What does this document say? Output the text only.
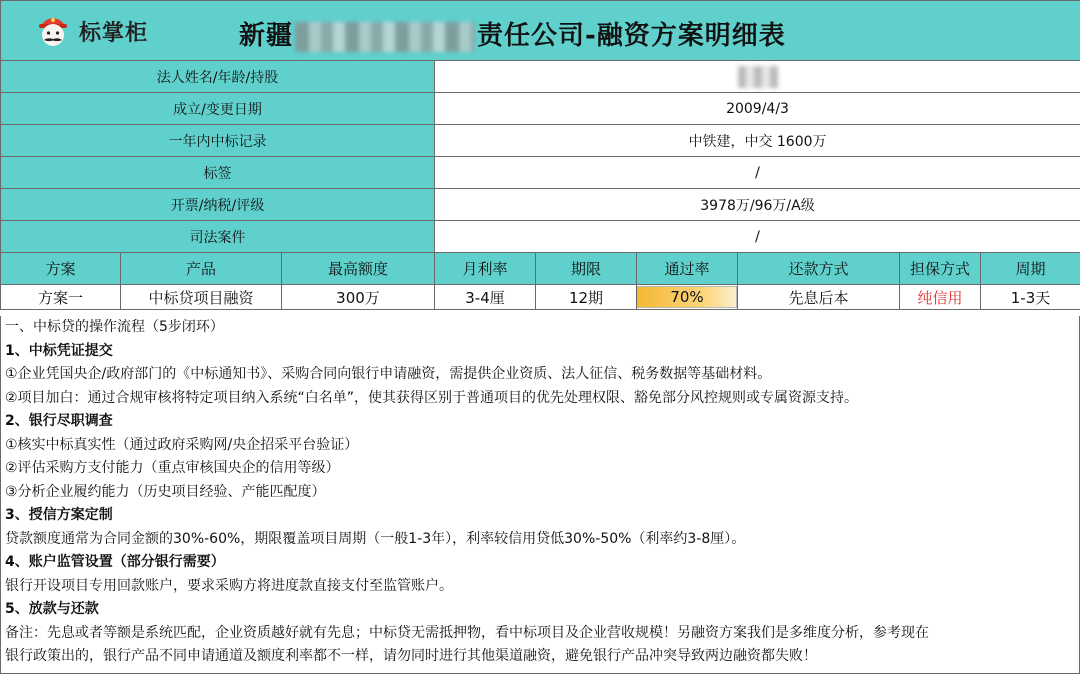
标掌柜 新疆 责任公司-融资方案明细表								

法人姓名/年龄/持股								
成立/变更日期			2009/4/3					
一年内中标记录			中铁建，中交 1600万					
标签			/					
开票/纳税/评级			3978万/96万/A级					
司法案件			/					
方案	产品	最高额度	月利率	期限	通过率	还款方式	担保方式	周期
方案一	中标贷项目融资	300万	3-4厘	12期	70%	先息后本	纯信用	1-3天

一、中标贷的操作流程（5步闭环）

1、中标凭证提交

①企业凭国央企/政府部门的《中标通知书》、采购合同向银行申请融资，需提供企业资质、法人征信、税务数据等基础材料。

②项目加白：通过合规审核将特定项目纳入系统“白名单”，使其获得区别于普通项目的优先处理权限、豁免部分风控规则或专属资源支持。

2、银行尽职调查

①核实中标真实性（通过政府采购网/央企招采平台验证）

②评估采购方支付能力（重点审核国央企的信用等级）

③分析企业履约能力（历史项目经验、产能匹配度）

3、授信方案定制

贷款额度通常为合同金额的30%-60%，期限覆盖项目周期（一般1-3年），利率较信用贷低30%-50%（利率约3-8厘）。

4、账户监管设置（部分银行需要）

银行开设项目专用回款账户，要求采购方将进度款直接支付至监管账户。

5、放款与还款

备注：先息或者等额是系统匹配，企业资质越好就有先息；中标贷无需抵押物，看中标项目及企业营收规模！另融资方案我们是多维度分析，参考现在

银行政策出的，银行产品不同申请通道及额度利率都不一样，请勿同时进行其他渠道融资，避免银行产品冲突导致两边融资都失败！
